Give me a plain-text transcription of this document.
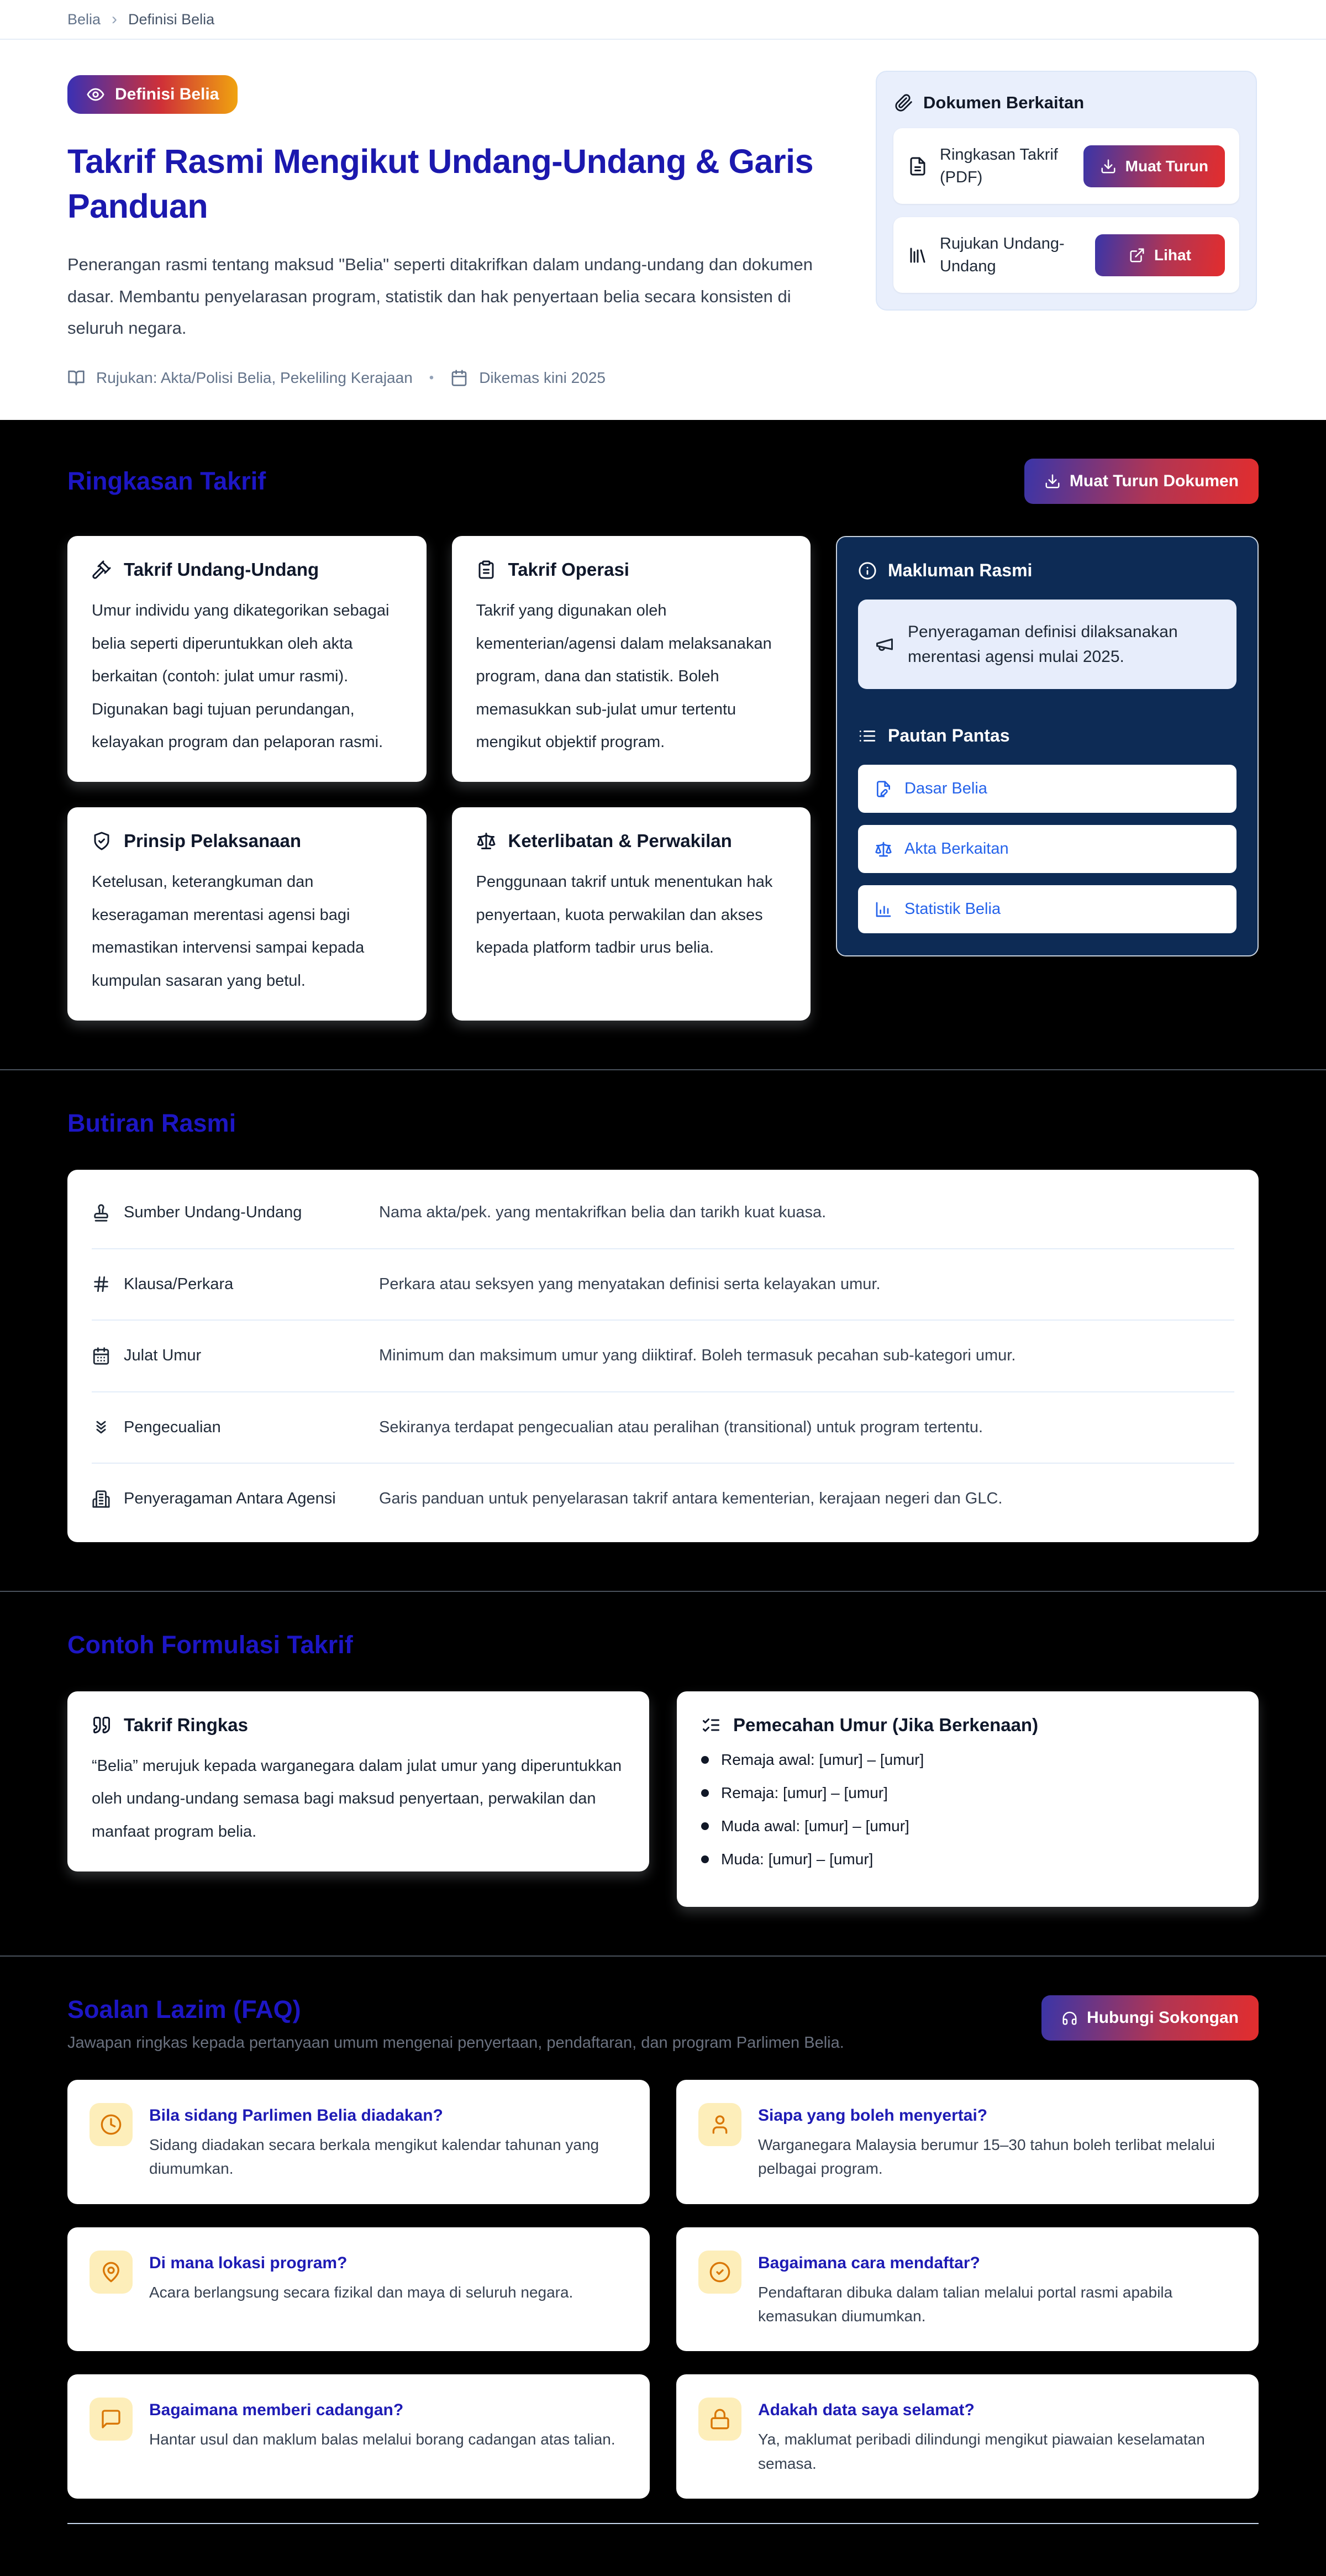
Belia › Definisi Belia
Definisi Belia
Takrif Rasmi Mengikut Undang-Undang & Garis Panduan

Penerangan rasmi tentang maksud "Belia" seperti ditakrifkan dalam undang-undang dan dokumen dasar. Membantu penyelarasan program, statistik dan hak penyertaan belia secara konsisten di seluruh negara.

Rujukan: Akta/Polisi Belia, Pekeliling Kerajaan •	Dikemas kini 2025
Dokumen Berkaitan
Ringkasan Takrif (PDF)
Muat Turun
Rujukan Undang-Undang
Lihat
Ringkasan Takrif	Muat Turun Dokumen
Takrif Undang-Undang

Umur individu yang dikategorikan sebagai belia seperti diperuntukkan oleh akta berkaitan (contoh: julat umur rasmi). Digunakan bagi tujuan perundangan, kelayakan program dan pelaporan rasmi.

Takrif Operasi

Takrif yang digunakan oleh kementerian/agensi dalam melaksanakan program, dana dan statistik. Boleh memasukkan sub-julat umur tertentu mengikut objektif program.

Prinsip Pelaksanaan

Ketelusan, keterangkuman dan keseragaman merentasi agensi bagi memastikan intervensi sampai kepada kumpulan sasaran yang betul.

Keterlibatan & Perwakilan

Penggunaan takrif untuk menentukan hak penyertaan, kuota perwakilan dan akses kepada platform tadbir urus belia.

Makluman Rasmi
Penyeragaman definisi dilaksanakan merentasi agensi mulai 2025.
Pautan Pantas
Dasar Belia
Akta Berkaitan
Statistik Belia
Butiran Rasmi
Sumber Undang-Undang	Nama akta/pek. yang mentakrifkan belia dan tarikh kuat kuasa.
Klausa/Perkara	Perkara atau seksyen yang menyatakan definisi serta kelayakan umur.
Julat Umur	Minimum dan maksimum umur yang diiktiraf. Boleh termasuk pecahan sub-kategori umur.
Pengecualian	Sekiranya terdapat pengecualian atau peralihan (transitional) untuk program tertentu.
Penyeragaman Antara Agensi	Garis panduan untuk penyelarasan takrif antara kementerian, kerajaan negeri dan GLC.
Contoh Formulasi Takrif
Takrif Ringkas

“Belia” merujuk kepada warganegara dalam julat umur yang diperuntukkan oleh undang-undang semasa bagi maksud penyertaan, perwakilan dan manfaat program belia.

Pemecahan Umur (Jika Berkenaan)
Remaja awal: [umur] – [umur]
Remaja: [umur] – [umur]
Muda awal: [umur] – [umur]
Muda: [umur] – [umur]
Soalan Lazim (FAQ)
Jawapan ringkas kepada pertanyaan umum mengenai penyertaan, pendaftaran, dan program Parlimen Belia.
Hubungi Sokongan
Bila sidang Parlimen Belia diadakan?

Sidang diadakan secara berkala mengikut kalendar tahunan yang diumumkan.

Siapa yang boleh menyertai?

Warganegara Malaysia berumur 15–30 tahun boleh terlibat melalui pelbagai program.

Di mana lokasi program?

Acara berlangsung secara fizikal dan maya di seluruh negara.

Bagaimana cara mendaftar?

Pendaftaran dibuka dalam talian melalui portal rasmi apabila kemasukan diumumkan.

Bagaimana memberi cadangan?

Hantar usul dan maklum balas melalui borang cadangan atas talian.

Adakah data saya selamat?

Ya, maklumat peribadi dilindungi mengikut piawaian keselamatan semasa.
